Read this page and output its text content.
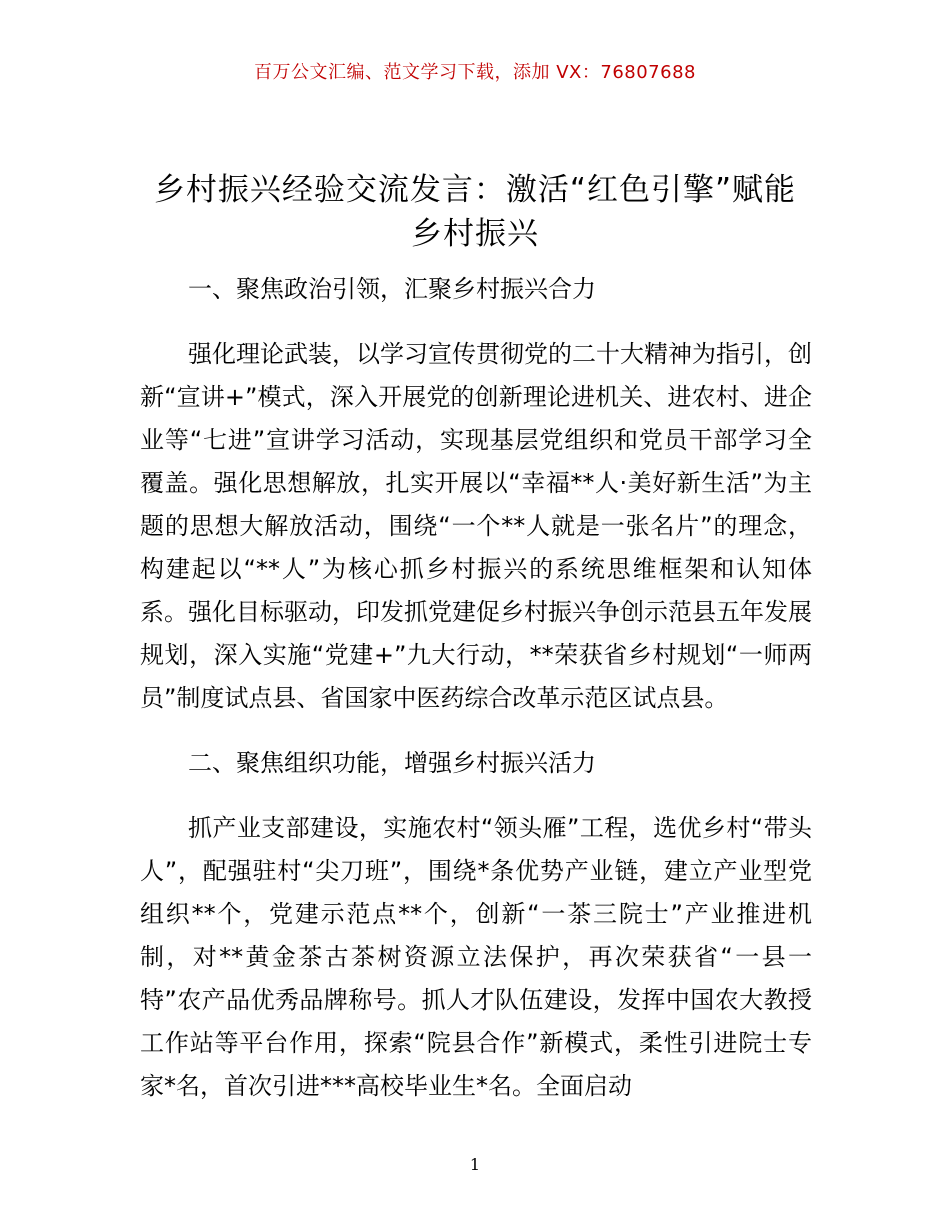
百万公文汇编、范文学习下载，添加 VX：76807688
乡村振兴经验交流发言：激活“红色引擎”赋能乡村振兴
一、聚焦政治引领，汇聚乡村振兴合力
强化理论武装，以学习宣传贯彻党的二十大精神为指引，创新“宣讲+”模式，深入开展党的创新理论进机关、进农村、进企业等“七进”宣讲学习活动，实现基层党组织和党员干部学习全覆盖。强化思想解放，扎实开展以“幸福**人·美好新生活”为主题的思想大解放活动，围绕“一个**人就是一张名片”的理念，构建起以“**人”为核心抓乡村振兴的系统思维框架和认知体系。强化目标驱动，印发抓党建促乡村振兴争创示范县五年发展规划，深入实施“党建+”九大行动，**荣获省乡村规划“一师两员”制度试点县、省国家中医药综合改革示范区试点县。
二、聚焦组织功能，增强乡村振兴活力
抓产业支部建设，实施农村“领头雁”工程，选优乡村“带头人”，配强驻村“尖刀班”，围绕*条优势产业链，建立产业型党组织**个，党建示范点**个，创新“一茶三院士”产业推进机制，对**黄金茶古茶树资源立法保护，再次荣获省“一县一特”农产品优秀品牌称号。抓人才队伍建设，发挥中国农大教授工作站等平台作用，探索“院县合作”新模式，柔性引进院士专家*名，首次引进***高校毕业生*名。全面启动
1
